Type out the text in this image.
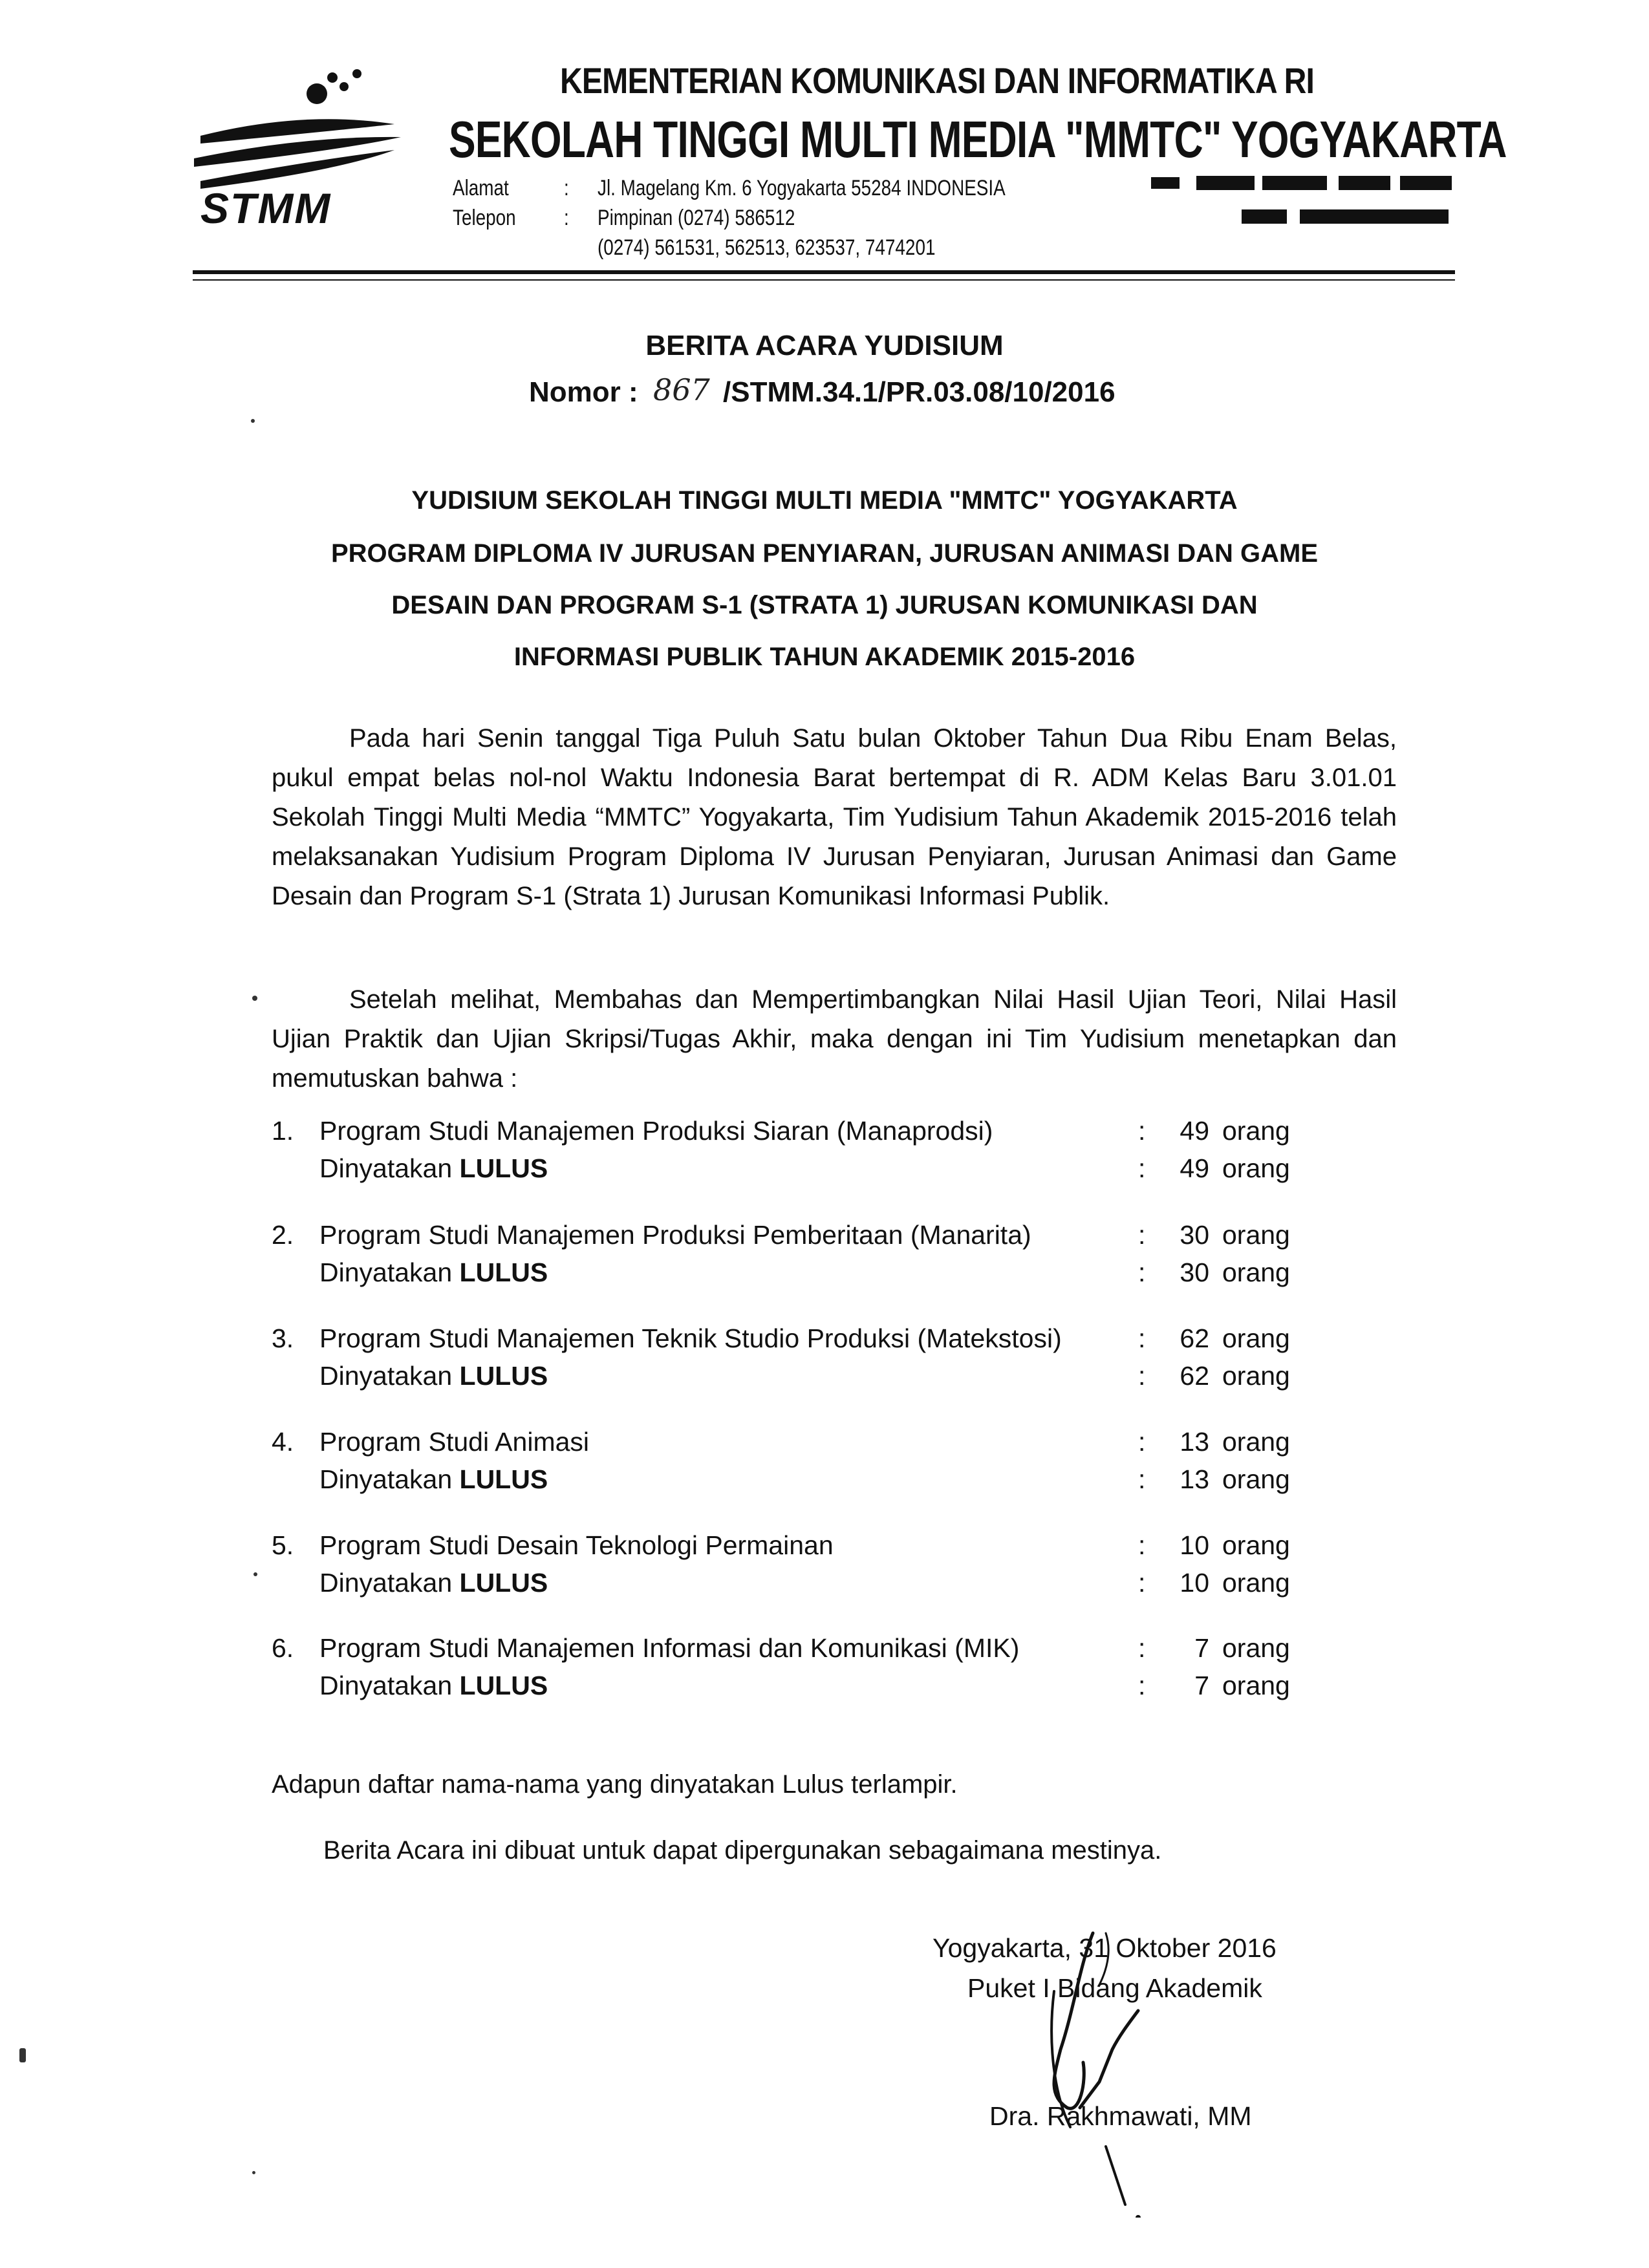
STMM
KEMENTERIAN KOMUNIKASI DAN INFORMATIKA RI
SEKOLAH TINGGI MULTI MEDIA "MMTC" YOGYAKARTA
Alamat	: Jl. Magelang Km. 6 Yogyakarta 55284 INDONESIA
Telepon : Pimpinan (0274) 586512
(0274) 561531, 562513, 623537, 7474201
BERITA ACARA YUDISIUM
Nomor : 867 /STMM.34.1/PR.03.08/10/2016
YUDISIUM SEKOLAH TINGGI MULTI MEDIA "MMTC" YOGYAKARTA
PROGRAM DIPLOMA IV JURUSAN PENYIARAN, JURUSAN ANIMASI DAN GAME
DESAIN DAN PROGRAM S-1 (STRATA 1) JURUSAN KOMUNIKASI DAN
INFORMASI PUBLIK TAHUN AKADEMIK 2015-2016
Pada hari Senin tanggal Tiga Puluh Satu bulan Oktober Tahun Dua Ribu Enam Belas, pukul empat belas nol-nol Waktu Indonesia Barat bertempat di R. ADM Kelas Baru 3.01.01 Sekolah Tinggi Multi Media “MMTC” Yogyakarta, Tim Yudisium Tahun Akademik 2015-2016 telah melaksanakan Yudisium Program Diploma IV Jurusan Penyiaran, Jurusan Animasi dan Game Desain dan Program S-1 (Strata 1) Jurusan Komunikasi Informasi Publik.
Setelah melihat, Membahas dan Mempertimbangkan Nilai Hasil Ujian Teori, Nilai Hasil Ujian Praktik dan Ujian Skripsi/Tugas Akhir, maka dengan ini Tim Yudisium menetapkan dan memutuskan bahwa :
1. Program Studi Manajemen Produksi Siaran (Manaprodsi)	:	49 orang
Dinyatakan LULUS	:	49 orang
2. Program Studi Manajemen Produksi Pemberitaan (Manarita)	:	30 orang
Dinyatakan LULUS	:	30 orang
3. Program Studi Manajemen Teknik Studio Produksi (Matekstosi)	:	62 orang
Dinyatakan LULUS	:	62 orang
4. Program Studi Animasi	:	13 orang
Dinyatakan LULUS	:	13 orang
5. Program Studi Desain Teknologi Permainan	:	10 orang
Dinyatakan LULUS	:	10 orang
6. Program Studi Manajemen Informasi dan Komunikasi (MIK)	:	7 orang
Dinyatakan LULUS	:	7 orang
Adapun daftar nama-nama yang dinyatakan Lulus terlampir.
Berita Acara ini dibuat untuk dapat dipergunakan sebagaimana mestinya.
Yogyakarta, 31 Oktober 2016
Puket I Bidang Akademik
Dra. Rakhmawati, MM
